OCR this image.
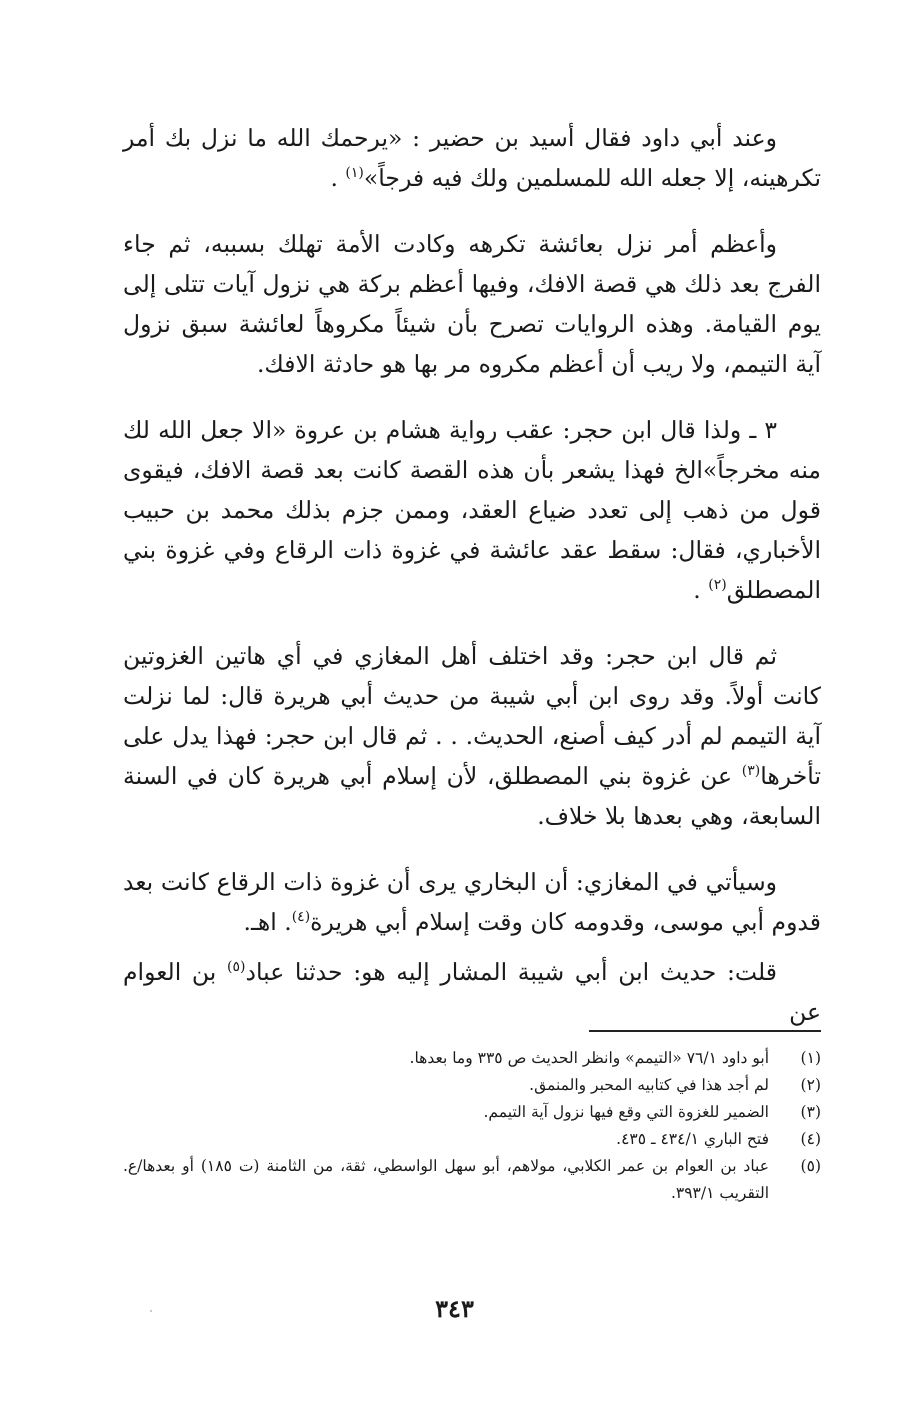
وعند أبي داود فقال أسيد بن حضير : «يرحمك الله ما نزل بك أمر تكرهينه، إلا جعله الله للمسلمين ولك فيه فرجاً»$^{(١)}$ .

وأعظم أمر نزل بعائشة تكرهه وكادت الأمة تهلك بسببه، ثم جاء الفرج بعد ذلك هي قصة الافك، وفيها أعظم بركة هي نزول آيات تتلى إلى يوم القيامة. وهذه الروايات تصرح بأن شيئاً مكروهاً لعائشة سبق نزول آية التيمم، ولا ريب أن أعظم مكروه مر بها هو حادثة الافك.

٣ ـ ولذا قال ابن حجر: عقب رواية هشام بن عروة «الا جعل الله لك منه مخرجاً»الخ فهذا يشعر بأن هذه القصة كانت بعد قصة الافك، فيقوى قول من ذهب إلى تعدد ضياع العقد، وممن جزم بذلك محمد بن حبيب الأخباري، فقال: سقط عقد عائشة في غزوة ذات الرقاع وفي غزوة بني المصطلق$^{(٢)}$ .

ثم قال ابن حجر: وقد اختلف أهل المغازي في أي هاتين الغزوتين كانت أولاً. وقد روى ابن أبي شيبة من حديث أبي هريرة قال: لما نزلت آية التيمم لم أدر كيف أصنع، الحديث. . . ثم قال ابن حجر: فهذا يدل على تأخرها$^{(٣)}$ عن غزوة بني المصطلق، لأن إسلام أبي هريرة كان في السنة السابعة، وهي بعدها بلا خلاف.

وسيأتي في المغازي: أن البخاري يرى أن غزوة ذات الرقاع كانت بعد قدوم أبي موسى، وقدومه كان وقت إسلام أبي هريرة$^{(٤)}$. اهـ.

قلت: حديث ابن أبي شيبة المشار إليه هو: حدثنا عباد$^{(٥)}$ بن العوام عن

(١)
أبو داود ٧٦/١ «التيمم» وانظر الحديث ص ٣٣٥ وما بعدها.
(٢)
لم أجد هذا في كتابيه المحبر والمنمق.
(٣)
الضمير للغزوة التي وقع فيها نزول آية التيمم.
(٤)
فتح الباري ٤٣٤/١ ـ ٤٣٥.
(٥)
عباد بن العوام بن عمر الكلابي، مولاهم، أبو سهل الواسطي، ثقة، من الثامنة (ت ١٨٥) أو بعدها/ع. التقريب ٣٩٣/١.
٣٤٣
